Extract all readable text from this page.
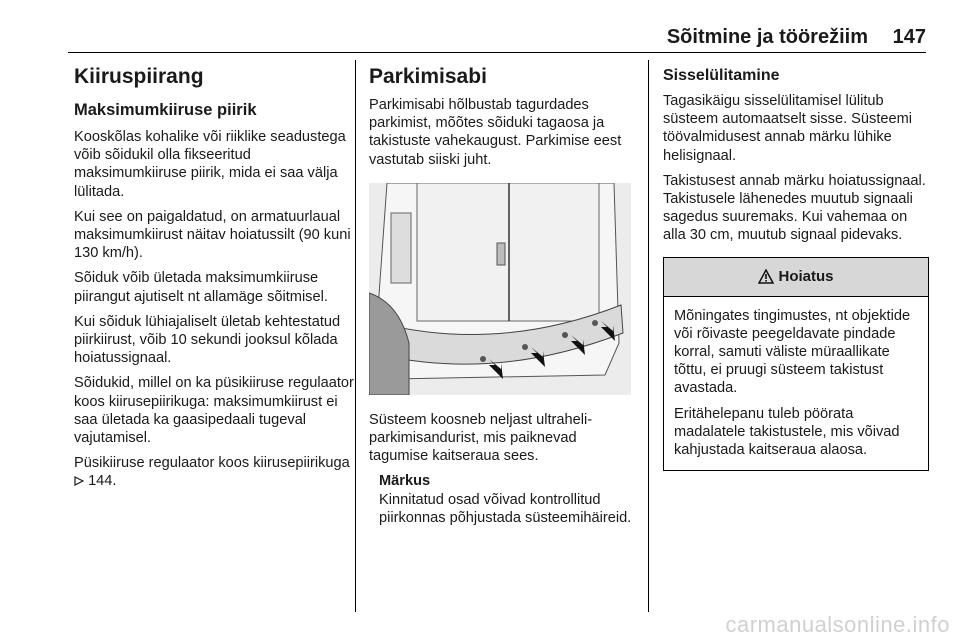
Sõitmine ja töörežiim 147
Kiiruspiirang
Maksimumkiiruse piirik

Kooskõlas kohalike või riiklike seadustega võib sõidukil olla fikseeritud maksimumkiiruse piirik, mida ei saa välja lülitada.

Kui see on paigaldatud, on armatuurlaual maksimumkiirust näitav hoiatussilt (90 kuni 130 km/h).

Sõiduk võib ületada maksimumkiiruse piirangut ajutiselt nt allamäge sõitmisel.

Kui sõiduk lühiajaliselt ületab kehtestatud piirkiirust, võib 10 sekundi jooksul kõlada hoiatussignaal.

Sõidukid, millel on ka püsikiiruse regulaator koos kiirusepiirikuga: maksimumkiirust ei saa ületada ka gaasipedaali tugeval vajutamisel.

Püsikiiruse regulaator koos kiirusepiirikuga  144.

Parkimisabi

Parkimisabi hõlbustab tagurdades parkimist, mõõtes sõiduki tagaosa ja takistuste vahekaugust. Parkimise eest vastutab siiski juht.

Süsteem koosneb neljast ultraheli-parkimisandurist, mis paiknevad tagumise kaitseraua sees.

Märkus

Kinnitatud osad võivad kontrollitud piirkonnas põhjustada süsteemihäireid.

Sisselülitamine

Tagasikäigu sisselülitamisel lülitub süsteem automaatselt sisse. Süsteemi töövalmidusest annab märku lühike helisignaal.

Takistusest annab märku hoiatussignaal. Takistusele lähenedes muutub signaali sagedus suuremaks. Kui vahemaa on alla 30 cm, muutub signaal pidevaks.

Hoiatus

Mõningates tingimustes, nt objektide või rõivaste peegeldavate pindade korral, samuti väliste müraallikate tõttu, ei pruugi süsteem takistust avastada.

Eritähelepanu tuleb pöörata madalatele takistustele, mis võivad kahjustada kaitseraua alaosa.

carmanualsonline.info
